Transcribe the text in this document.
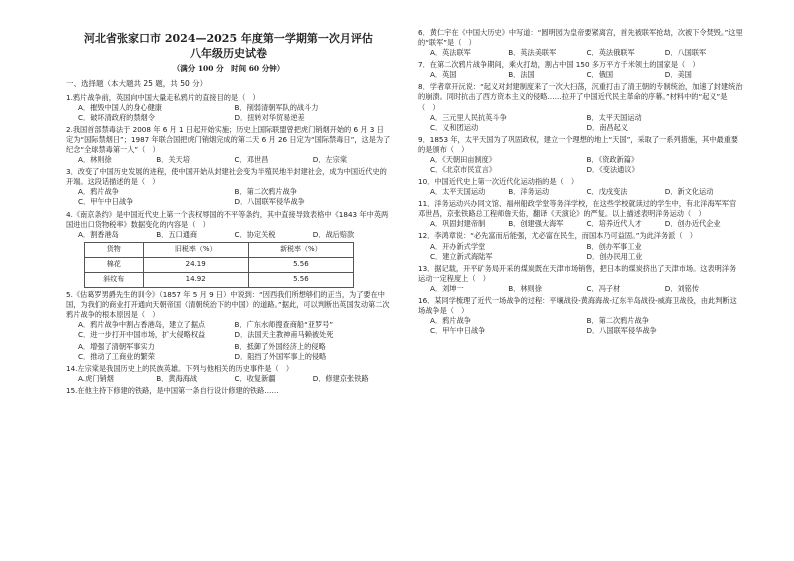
河北省张家口市 2024—2025 年度第一学期第一次月评估
八年级历史试卷
（满分 100 分　时间 60 分钟）
一、选择题（本大题共 25 题，共 50 分）
1.鸦片战争前，英国向中国大量走私鸦片的直接目的是（　）
A．摧毁中国人的身心健康	B．削弱清朝军队的战斗力
C．破坏清政府的禁烟令	D．扭转对华贸易逆差
2.我国首部禁毒法于 2008 年 6 月 1 日起开始实施；历史上国际联盟曾把虎门销烟开始的 6 月 3 日定为“国际禁烟日”；1987 年联合国把虎门销烟完成的第二天 6 月 26 日定为“国际禁毒日”，这是为了纪念“全球禁毒第一人”（　）
A．林则徐	B．关天培	C．邓世昌	D．左宗棠
3．改变了中国历史发展的进程，使中国开始从封建社会变为半殖民地半封建社会，成为中国近代史的开端。这段话描述的是（　）
A．鸦片战争	B．第二次鸦片战争
C．甲午中日战争	D．八国联军侵华战争
4.《南京条约》是中国近代史上第一个丧权辱国的不平等条约，其中直接导致表格中《1843 年中英两国进出口货物税率》数据变化的内容是（　）
A．割香港岛	B．五口通商	C．协定关税	D．战后赔款
货物	旧税率（%）	新税率（%）
棉花	24.19	5.56
斜纹布	14.92	5.56
5.《估葛罗男爵先生的训令》（1857 年 5 月 9 日）中说到：“因西我们所想够们的正当，为了要在中国，为我们的商业打开通向天朝帝国（清朝统治下的中国）的道路。”据此，可以判断出英国发动第二次鸦片战争的根本原因是（　）
A．鸦片战争中割占香港岛，建立了据点	B．广东水师搜查商船“亚罗号”
C．进一步打开中国市场，扩大侵略权益	D．法国天主教神甫马赖被处死
A．增强了清朝军事实力	B．抵御了外国经济上的侵略
C．推动了工商业的繁荣	D．阻挡了外国军事上的侵略
14.左宗棠是我国历史上的民族英雄。下列与他相关的历史事件是（　）
A.虎门销烟	B．黄海海战	C．收复新疆	D．修建京张铁路
15.在他主持下修建的铁路，是中国第一条自行设计修建的铁路……
6．黄仁宇在《中国大历史》中写道：“圆明园为皇帝要紧离宫，首先被联军抢劫，次被下令焚毁。”这里的“联军”是（　）
A．英法联军	B．英法美联军	C．英法俄联军	D．八国联军
7．在第二次鸦片战争期间，乘火打劫，割占中国 150 多万平方千米领土的国家是（　）
A．英国	B．法国	C．俄国	D．美国
8．学者章开沅说：“起义对封建制度来了一次大扫荡，沉重打击了清王朝的专制统治，加速了封建统治的崩溃。同时抗击了西方资本主义的侵略……拉开了中国近代民主革命的序幕。”材料中的“起义”是（　）
A．三元里人民抗英斗争	B．太平天国运动
C．义和团运动	D．南昌起义
9．1853 年，太平天国为了巩固政权，建立一个理想的地上“天国”，采取了一系列措施，其中最重要的是颁布（　）
A．《天朝田亩制度》	B．《资政新篇》
C．《北京市民宣言》	D．《变法通议》
10．中国近代史上第一次近代化运动指的是（　）
A．太平天国运动	B．洋务运动	C．戊戌变法	D．新文化运动
11．洋务运动兴办同文馆、福州船政学堂等务洋学校，在这些学校就读过的学生中，有北洋海军军官邓世昌，京张铁路总工程师詹天佑，翻译《天演论》的严复。以上描述表明洋务运动（　）
A．巩固封建帝制	B．创建强大海军	C．培养近代人才	D．创办近代企业
12．李鸿章说：“必先富而后能强，尤必富在民生，而国本乃可益固。”为此洋务派（　）
A．开办新式学堂	B．创办军事工业
C．建立新式海陆军	D．创办民用工业
13．据记载，开平矿务局开采的煤炭既在天津市场销售，把日本的煤炭挤出了天津市场。这表明洋务运动一定程度上（　）
A．刘坤一	B．林则徐	C．冯子材	D．刘铭传
16．某同学梳理了近代一场战争的过程：平壤战役-黄海海战-辽东半岛战役-威海卫战役，由此判断这场战争是（　）
A．鸦片战争	B．第二次鸦片战争
C．甲午中日战争	D．八国联军侵华战争
